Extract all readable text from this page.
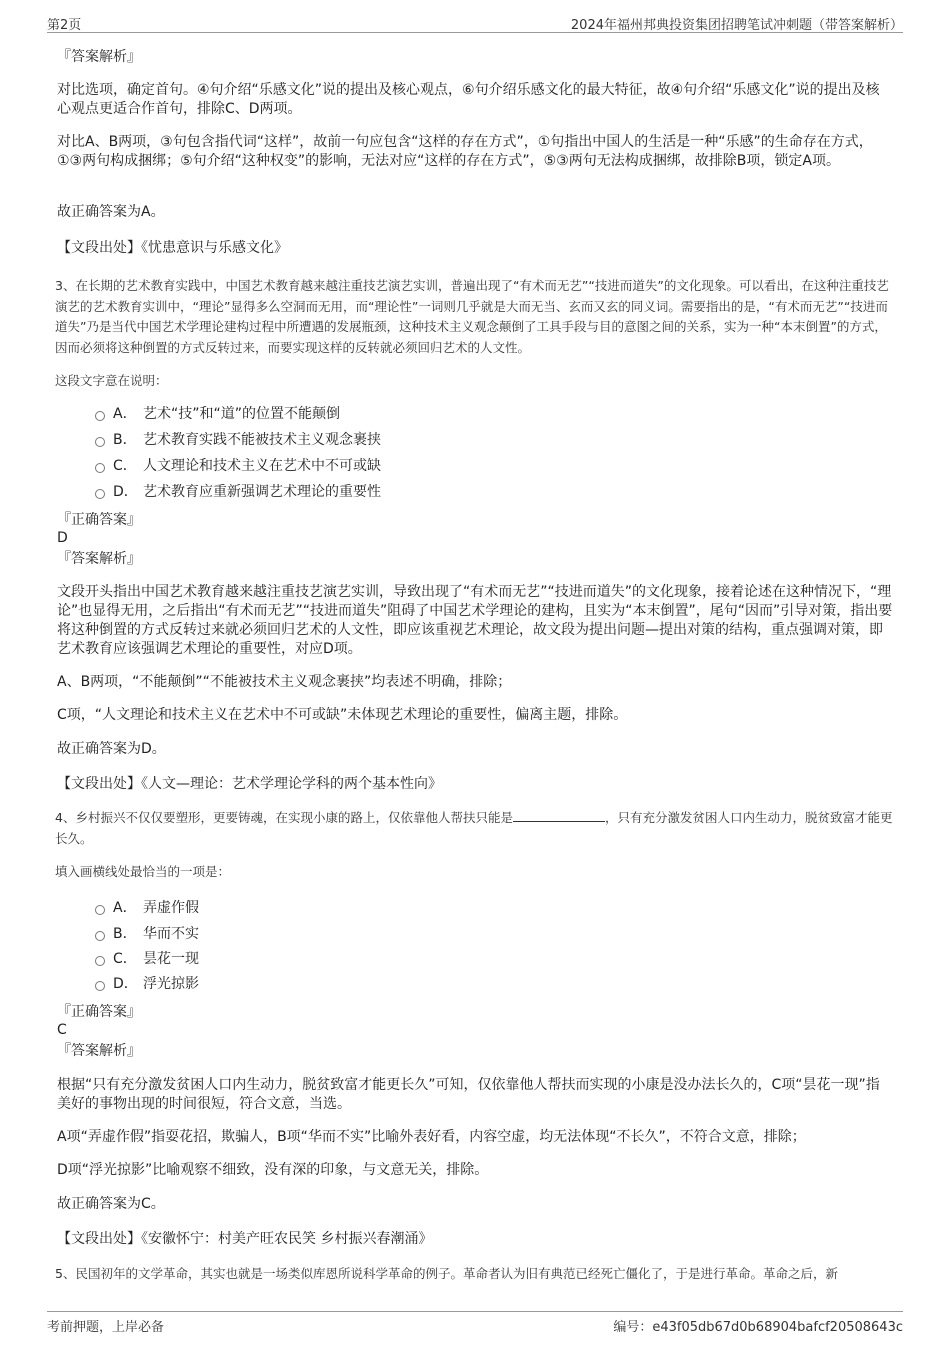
第2页	2024年福州邦典投资集团招聘笔试冲刺题（带答案解析）
『答案解析』
对比选项，确定首句。④句介绍“乐感文化”说的提出及核心观点，⑥句介绍乐感文化的最大特征，故④句介绍“乐感文化”说的提出及核心观点更适合作首句，排除C、D两项。
对比A、B两项，③句包含指代词“这样”，故前一句应包含“这样的存在方式”，①句指出中国人的生活是一种“乐感”的生命存在方式，①③两句构成捆绑；⑤句介绍“这种权变”的影响，无法对应“这样的存在方式”，⑤③两句无法构成捆绑，故排除B项，锁定A项。
故正确答案为A。
【文段出处】《忧患意识与乐感文化》
3、在长期的艺术教育实践中，中国艺术教育越来越注重技艺演艺实训，普遍出现了“有术而无艺”“技进而道失”的文化现象。可以看出，在这种注重技艺演艺的艺术教育实训中，“理论”显得多么空洞而无用，而“理论性”一词则几乎就是大而无当、玄而又玄的同义词。需要指出的是，“有术而无艺”“技进而道失”乃是当代中国艺术学理论建构过程中所遭遇的发展瓶颈，这种技术主义观念颠倒了工具手段与目的意图之间的关系，实为一种“本末倒置”的方式，因而必须将这种倒置的方式反转过来，而要实现这样的反转就必须回归艺术的人文性。
这段文字意在说明：
A． 艺术“技”和“道”的位置不能颠倒
B． 艺术教育实践不能被技术主义观念裹挟
C． 人文理论和技术主义在艺术中不可或缺
D． 艺术教育应重新强调艺术理论的重要性
『正确答案』
D
『答案解析』
文段开头指出中国艺术教育越来越注重技艺演艺实训，导致出现了“有术而无艺”“技进而道失”的文化现象，接着论述在这种情况下，“理论”也显得无用，之后指出“有术而无艺”“技进而道失”阻碍了中国艺术学理论的建构，且实为“本末倒置”，尾句“因而”引导对策，指出要将这种倒置的方式反转过来就必须回归艺术的人文性，即应该重视艺术理论，故文段为提出问题—提出对策的结构，重点强调对策，即艺术教育应该强调艺术理论的重要性，对应D项。
A、B两项，“不能颠倒”“不能被技术主义观念裹挟”均表述不明确，排除；
C项，“人文理论和技术主义在艺术中不可或缺”未体现艺术理论的重要性，偏离主题，排除。
故正确答案为D。
【文段出处】《人文—理论：艺术学理论学科的两个基本性向》
4、乡村振兴不仅仅要塑形，更要铸魂，在实现小康的路上，仅依靠他人帮扶只能是	，只有充分激发贫困人口内生动力，脱贫致富才能更长久。
填入画横线处最恰当的一项是：
A． 弄虚作假
B． 华而不实
C． 昙花一现
D． 浮光掠影
『正确答案』
C
『答案解析』
根据“只有充分激发贫困人口内生动力，脱贫致富才能更长久”可知，仅依靠他人帮扶而实现的小康是没办法长久的，C项“昙花一现”指美好的事物出现的时间很短，符合文意，当选。
A项“弄虚作假”指耍花招，欺骗人，B项“华而不实”比喻外表好看，内容空虚，均无法体现“不长久”，不符合文意，排除；
D项“浮光掠影”比喻观察不细致，没有深的印象，与文意无关，排除。
故正确答案为C。
【文段出处】《安徽怀宁：村美产旺农民笑 乡村振兴春潮涌》
5、民国初年的文学革命，其实也就是一场类似库恩所说科学革命的例子。革命者认为旧有典范已经死亡僵化了，于是进行革命。革命之后，新
考前押题，上岸必备	编号：e43f05db67d0b68904bafcf20508643c
